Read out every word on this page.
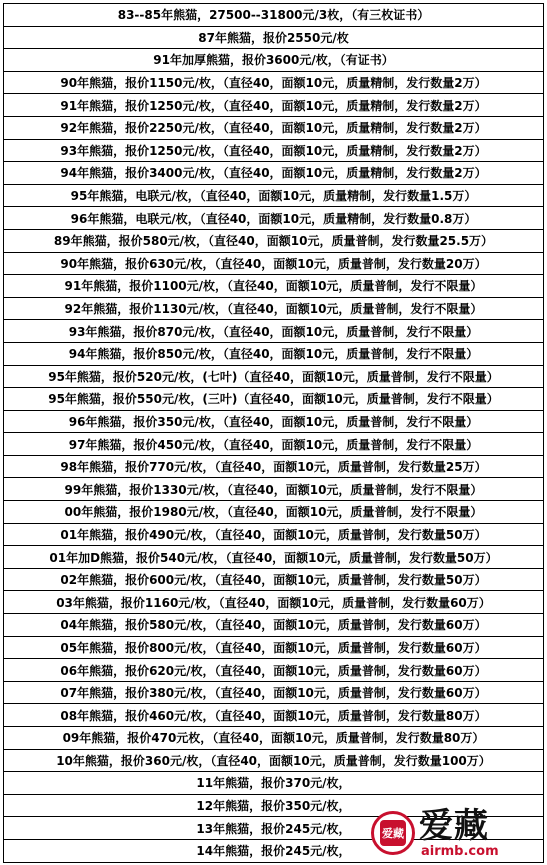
83--85年熊猫，27500--31800元/3枚，（有三枚证书）
87年熊猫，报价2550元/枚
91年加厚熊猫，报价3600元/枚，（有证书）
90年熊猫，报价1150元/枚，（直径40，面额10元，质量精制，发行数量2万）
91年熊猫，报价1250元/枚，（直径40，面额10元，质量精制，发行数量2万）
92年熊猫，报价2250元/枚，（直径40，面额10元，质量精制，发行数量2万）
93年熊猫，报价1250元/枚，（直径40，面额10元，质量精制，发行数量2万）
94年熊猫，报价3400元/枚，（直径40，面额10元，质量精制，发行数量2万）
95年熊猫，电联元/枚，（直径40，面额10元，质量精制，发行数量1.5万）
96年熊猫，电联元/枚，（直径40，面额10元，质量精制，发行数量0.8万）
89年熊猫，报价580元/枚，（直径40，面额10元，质量普制，发行数量25.5万）
90年熊猫，报价630元/枚，（直径40，面额10元，质量普制，发行数量20万）
91年熊猫，报价1100元/枚，（直径40，面额10元，质量普制，发行不限量）
92年熊猫，报价1130元/枚，（直径40，面额10元，质量普制，发行不限量）
93年熊猫，报价870元/枚，（直径40，面额10元，质量普制，发行不限量）
94年熊猫，报价850元/枚，（直径40，面额10元，质量普制，发行不限量）
95年熊猫，报价520元/枚，(七叶)（直径40，面额10元，质量普制，发行不限量）
95年熊猫，报价550元/枚，(三叶)（直径40，面额10元，质量普制，发行不限量）
96年熊猫，报价350元/枚，（直径40，面额10元，质量普制，发行不限量）
97年熊猫，报价450元/枚，（直径40，面额10元，质量普制，发行不限量）
98年熊猫，报价770元/枚，（直径40，面额10元，质量普制，发行数量25万）
99年熊猫，报价1330元/枚，（直径40，面额10元，质量普制，发行不限量）
00年熊猫，报价1980元/枚，（直径40，面额10元，质量普制，发行不限量）
01年熊猫，报价490元/枚，（直径40，面额10元，质量普制，发行数量50万）
01年加D熊猫，报价540元/枚，（直径40，面额10元，质量普制，发行数量50万）
02年熊猫，报价600元/枚，（直径40，面额10元，质量普制，发行数量50万）
03年熊猫，报价1160元/枚，（直径40，面额10元，质量普制，发行数量60万）
04年熊猫，报价580元/枚，（直径40，面额10元，质量普制，发行数量60万）
05年熊猫，报价800元/枚，（直径40，面额10元，质量普制，发行数量60万）
06年熊猫，报价620元/枚，（直径40，面额10元，质量普制，发行数量60万）
07年熊猫，报价380元/枚，（直径40，面额10元，质量普制，发行数量60万）
08年熊猫，报价460元/枚，（直径40，面额10元，质量普制，发行数量80万）
09年熊猫，报价470元枚，（直径40，面额10元，质量普制，发行数量80万）
10年熊猫，报价360元/枚，（直径40，面额10元，质量普制，发行数量100万）
11年熊猫，报价370元/枚，
12年熊猫，报价350元/枚，
13年熊猫，报价245元/枚，
14年熊猫，报价245元/枚，
爱藏 爱藏
airmb.com
